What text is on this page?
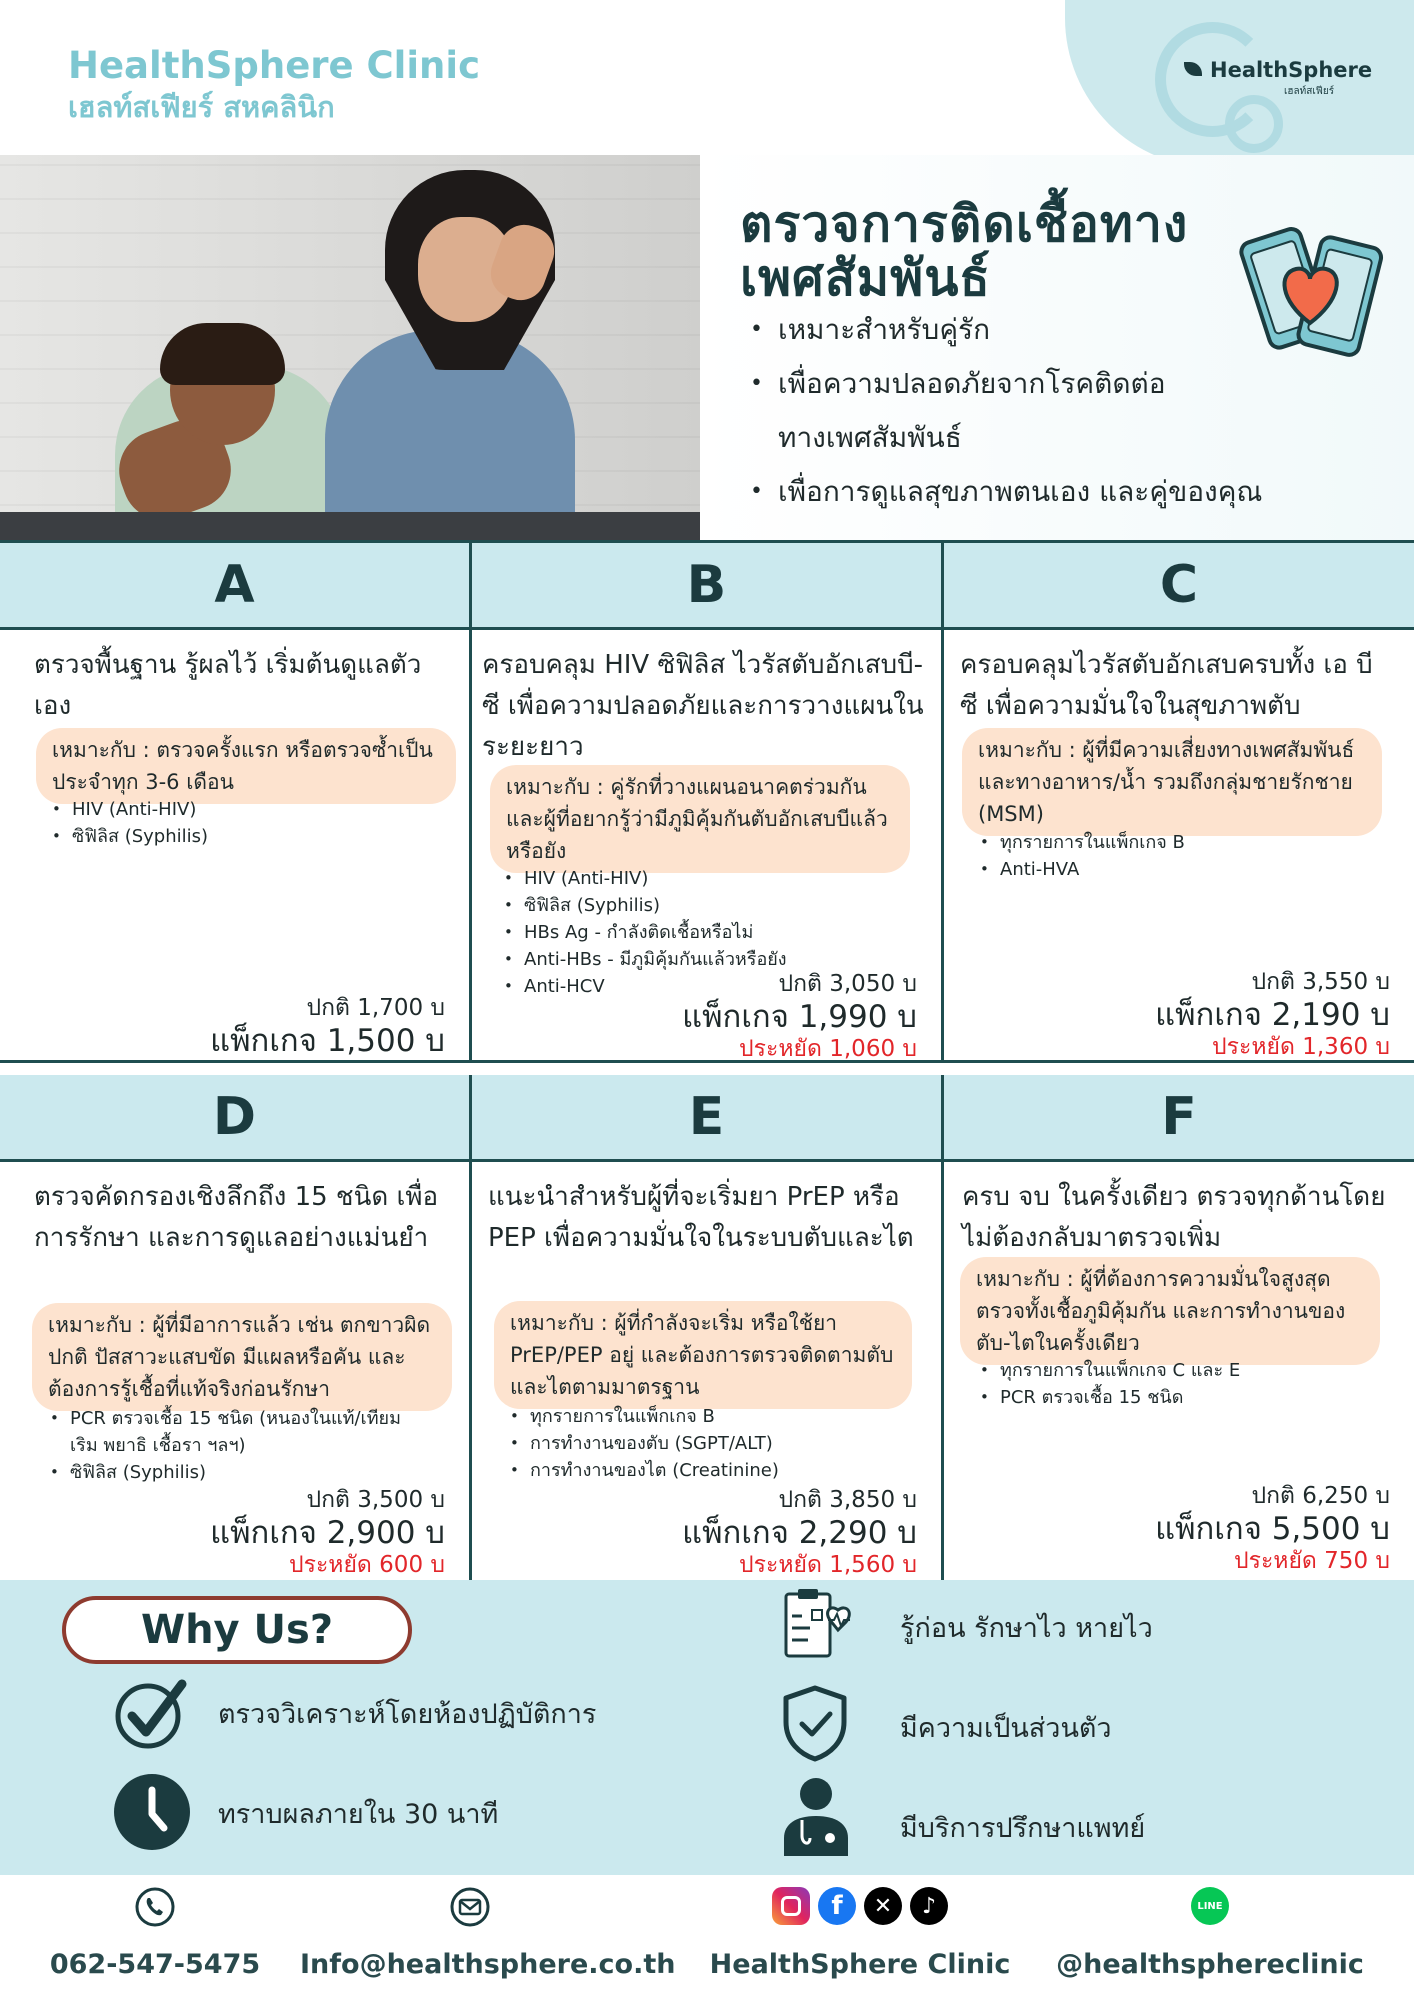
HealthSphere Clinic
เฮลท์สเฟียร์ สหคลินิก
HealthSphere
เฮลท์สเฟียร์
ตรวจการติดเชื้อทาง
เพศสัมพันธ์
• เหมาะสำหรับคู่รัก
• เพื่อความปลอดภัยจากโรคติดต่อ
ทางเพศสัมพันธ์
• เพื่อการดูแลสุขภาพตนเอง และคู่ของคุณ
A
ตรวจพื้นฐาน รู้ผลไว้ เริ่มต้นดูแลตัวเอง
เหมาะกับ : ตรวจครั้งแรก หรือตรวจซ้ำเป็นประจำทุก 3-6 เดือน
• HIV (Anti-HIV)
• ซิฟิลิส (Syphilis)
ปกติ 1,700 บ
แพ็กเกจ 1,500 บ
B
ครอบคลุม HIV ซิฟิลิส ไวรัสตับอักเสบบี-ซี เพื่อความปลอดภัยและการวางแผนในระยะยาว
เหมาะกับ : คู่รักที่วางแผนอนาคตร่วมกัน และผู้ที่อยากรู้ว่ามีภูมิคุ้มกันตับอักเสบบีแล้วหรือยัง
• HIV (Anti-HIV)
• ซิฟิลิส (Syphilis)
• HBs Ag - กำลังติดเชื้อหรือไม่
• Anti-HBs - มีภูมิคุ้มกันแล้วหรือยัง
• Anti-HCV	ปกติ 3,050 บ
แพ็กเกจ 1,990 บ
ประหยัด 1,060 บ
C
ครอบคลุมไวรัสตับอักเสบครบทั้ง เอ บี ซี เพื่อความมั่นใจในสุขภาพตับ
เหมาะกับ : ผู้ที่มีความเสี่ยงทางเพศสัมพันธ์และทางอาหาร/น้ำ รวมถึงกลุ่มชายรักชาย (MSM)
• ทุกรายการในแพ็กเกจ B
• Anti-HVA
ปกติ 3,550 บ
แพ็กเกจ 2,190 บ
ประหยัด 1,360 บ
D
ตรวจคัดกรองเชิงลึกถึง 15 ชนิด เพื่อการรักษา และการดูแลอย่างแม่นยำ
เหมาะกับ : ผู้ที่มีอาการแล้ว เช่น ตกขาวผิดปกติ ปัสสาวะแสบขัด มีแผลหรือคัน และต้องการรู้เชื้อที่แท้จริงก่อนรักษา
• PCR ตรวจเชื้อ 15 ชนิด (หนองในแท้/เทียม เริม พยาธิ เชื้อรา ฯลฯ)
• ซิฟิลิส (Syphilis)
ปกติ 3,500 บ
แพ็กเกจ 2,900 บ
ประหยัด 600 บ
E
แนะนำสำหรับผู้ที่จะเริ่มยา PrEP หรือ PEP เพื่อความมั่นใจในระบบตับและไต
เหมาะกับ : ผู้ที่กำลังจะเริ่ม หรือใช้ยา PrEP/PEP อยู่ และต้องการตรวจติดตามตับและไตตามมาตรฐาน
• ทุกรายการในแพ็กเกจ B
• การทำงานของตับ (SGPT/ALT)
• การทำงานของไต (Creatinine)
ปกติ 3,850 บ
แพ็กเกจ 2,290 บ
ประหยัด 1,560 บ
F
ครบ จบ ในครั้งเดียว ตรวจทุกด้านโดยไม่ต้องกลับมาตรวจเพิ่ม
เหมาะกับ : ผู้ที่ต้องการความมั่นใจสูงสุด ตรวจทั้งเชื้อภูมิคุ้มกัน และการทำงานของตับ-ไตในครั้งเดียว
• ทุกรายการในแพ็กเกจ C และ E
• PCR ตรวจเชื้อ 15 ชนิด
ปกติ 6,250 บ
แพ็กเกจ 5,500 บ
ประหยัด 750 บ
Why Us?
ตรวจวิเคราะห์โดยห้องปฏิบัติการ
ทราบผลภายใน 30 นาที
รู้ก่อน รักษาไว หายไว
มีความเป็นส่วนตัว
มีบริการปรึกษาแพทย์
062-547-5475	Info@healthsphere.co.th
f	✕	♪
HealthSphere Clinic
LINE
@healthsphereclinic
